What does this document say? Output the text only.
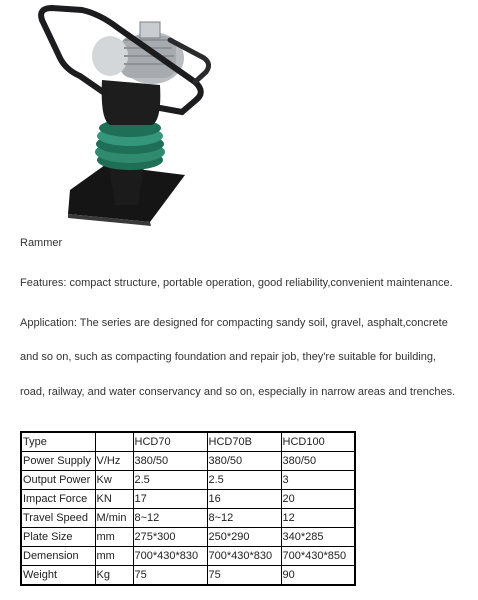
Rammer
Features: compact structure, portable operation, good reliability,convenient maintenance.
Application: The series are designed for compacting sandy soil, gravel, asphalt,concrete
and so on, such as compacting foundation and repair job, they're suitable for building,
road, railway, and water conservancy and so on, especially in narrow areas and trenches.
Type		HCD70	HCD70B	HCD100
Power Supply	V/Hz	380/50	380/50	380/50
Output Power	Kw	2.5	2.5	3
Impact Force	KN	17	16	20
Travel Speed	M/min	8~12	8~12	12
Plate Size	mm	275*300	250*290	340*285
Demension	mm	700*430*830	700*430*830	700*430*850
Weight	Kg	75	75	90
